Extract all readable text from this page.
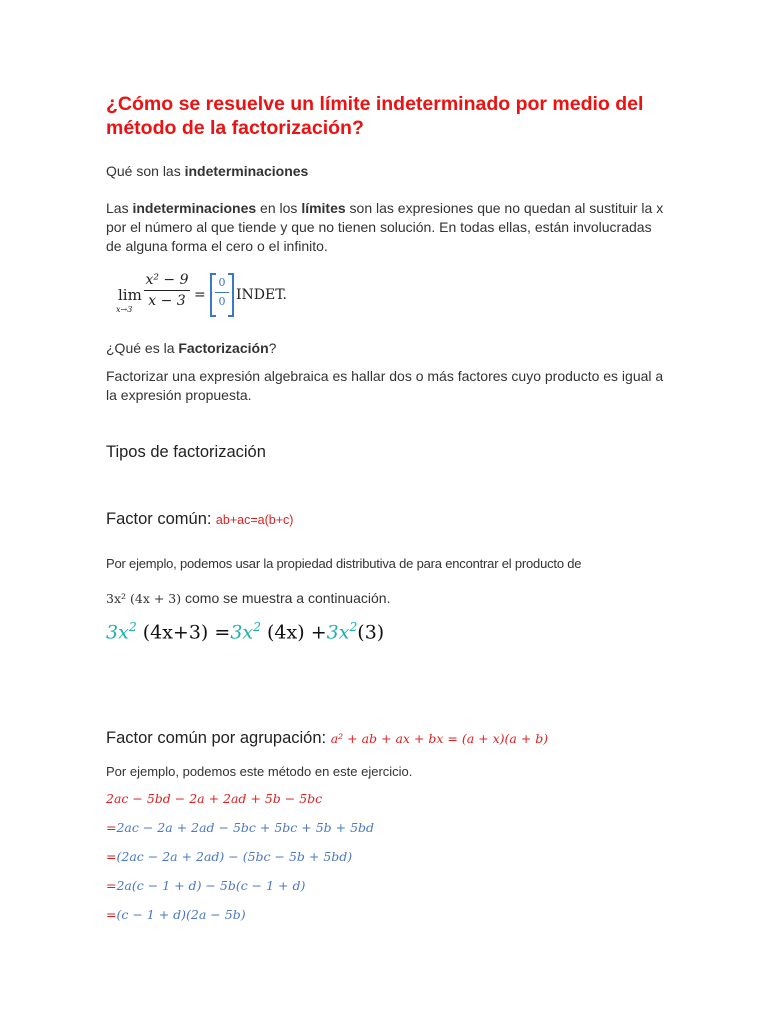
¿Cómo se resuelve un límite indeterminado por medio del método de la factorización?
Qué son las indeterminaciones
Las indeterminaciones en los límites son las expresiones que no quedan al sustituir la x por el número al que tiende y que no tienen solución. En todas ellas, están involucradas de alguna forma el cero o el infinito.
lim
x→3
x² − 9
x − 3 =
0
0 INDET.
¿Qué es la Factorización?
Factorizar una expresión algebraica es hallar dos o más factores cuyo producto es igual a la expresión propuesta.
Tipos de factorización
Factor común: ab+ac=a(b+c)
Por ejemplo, podemos usar la propiedad distributiva de para encontrar el producto de
3x² (4x + 3) como se muestra a continuación.
$3x^2$ $(4x+3) =3x^2$ $(4x) +3x^2(3)$
Factor común por agrupación: a² + ab + ax + bx = (a + x)(a + b)
Por ejemplo, podemos este método en este ejercicio.
2ac − 5bd − 2a + 2ad + 5b − 5bc
=2ac − 2a + 2ad − 5bc + 5bc + 5b + 5bd
=(2ac − 2a + 2ad) − (5bc − 5b + 5bd)
=2a(c − 1 + d) − 5b(c − 1 + d)
=(c − 1 + d)(2a − 5b)
